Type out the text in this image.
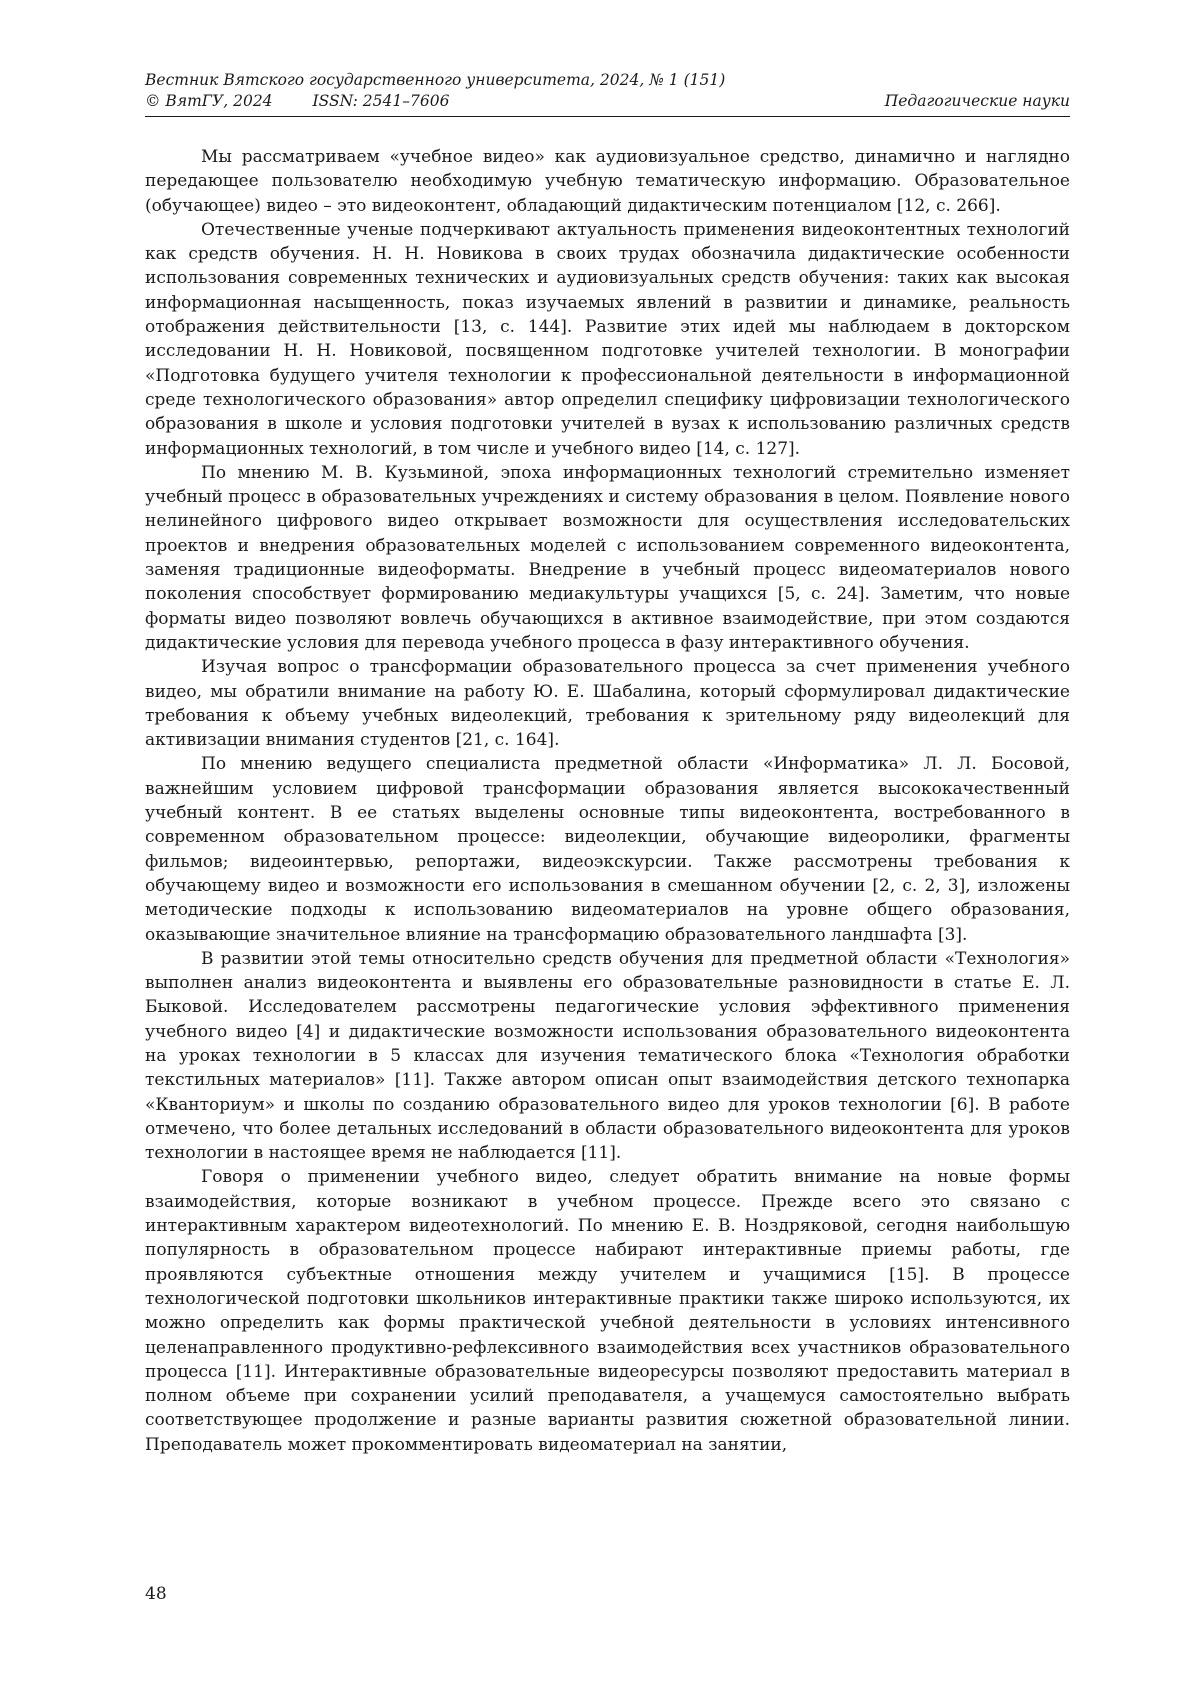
Вестник Вятского государственного университета, 2024, № 1 (151)
© ВятГУ, 2024	ISSN: 2541–7606	Педагогические науки

Мы рассматриваем «учебное видео» как аудиовизуальное средство, динамично и наглядно передающее пользователю необходимую учебную тематическую информацию. Образовательное (обучающее) видео – это видеоконтент, обладающий дидактическим потенциалом [12, с. 266].

Отечественные ученые подчеркивают актуальность применения видеоконтентных технологий как средств обучения. Н. Н. Новикова в своих трудах обозначила дидактические особенности использования современных технических и аудиовизуальных средств обучения: таких как высокая информационная насыщенность, показ изучаемых явлений в развитии и динамике, реальность отображения действительности [13, с. 144]. Развитие этих идей мы наблюдаем в докторском исследовании Н. Н. Новиковой, посвященном подготовке учителей технологии. В монографии «Подготовка будущего учителя технологии к профессиональной деятельности в информационной среде технологического образования» автор определил специфику цифровизации технологического образования в школе и условия подготовки учителей в вузах к использованию различных средств информационных технологий, в том числе и учебного видео [14, с. 127].

По мнению М. В. Кузьминой, эпоха информационных технологий стремительно изменяет учебный процесс в образовательных учреждениях и систему образования в целом. Появление нового нелинейного цифрового видео открывает возможности для осуществления исследовательских проектов и внедрения образовательных моделей с использованием современного видеоконтента, заменяя традиционные видеоформаты. Внедрение в учебный процесс видеоматериалов нового поколения способствует формированию медиакультуры учащихся [5, с. 24]. Заметим, что новые форматы видео позволяют вовлечь обучающихся в активное взаимодействие, при этом создаются дидактические условия для перевода учебного процесса в фазу интерактивного обучения.

Изучая вопрос о трансформации образовательного процесса за счет применения учебного видео, мы обратили внимание на работу Ю. Е. Шабалина, который сформулировал дидактические требования к объему учебных видеолекций, требования к зрительному ряду видеолекций для активизации внимания студентов [21, с. 164].

По мнению ведущего специалиста предметной области «Информатика» Л. Л. Босовой, важнейшим условием цифровой трансформации образования является высококачественный учебный контент. В ее статьях выделены основные типы видеоконтента, востребованного в современном образовательном процессе: видеолекции, обучающие видеоролики, фрагменты фильмов; видеоинтервью, репортажи, видеоэкскурсии. Также рассмотрены требования к обучающему видео и возможности его использования в смешанном обучении [2, с. 2, 3], изложены методические подходы к использованию видеоматериалов на уровне общего образования, оказывающие значительное влияние на трансформацию образовательного ландшафта [3].

В развитии этой темы относительно средств обучения для предметной области «Технология» выполнен анализ видеоконтента и выявлены его образовательные разновидности в статье Е. Л. Быковой. Исследователем рассмотрены педагогические условия эффективного применения учебного видео [4] и дидактические возможности использования образовательного видеоконтента на уроках технологии в 5 классах для изучения тематического блока «Технология обработки текстильных материалов» [11]. Также автором описан опыт взаимодействия детского технопарка «Кванториум» и школы по созданию образовательного видео для уроков технологии [6]. В работе отмечено, что более детальных исследований в области образовательного видеоконтента для уроков технологии в настоящее время не наблюдается [11].

Говоря о применении учебного видео, следует обратить внимание на новые формы взаимодействия, которые возникают в учебном процессе. Прежде всего это связано с интерактивным характером видеотехнологий. По мнению Е. В. Ноздряковой, сегодня наибольшую популярность в образовательном процессе набирают интерактивные приемы работы, где проявляются субъектные отношения между учителем и учащимися [15]. В процессе технологической подготовки школьников интерактивные практики также широко используются, их можно определить как формы практической учебной деятельности в условиях интенсивного целенаправленного продуктивно-рефлексивного взаимодействия всех участников образовательного процесса [11]. Интерактивные образовательные видеоресурсы позволяют предоставить материал в полном объеме при сохранении усилий преподавателя, а учащемуся самостоятельно выбрать соответствующее продолжение и разные варианты развития сюжетной образовательной линии. Преподаватель может прокомментировать видеоматериал на занятии,

48
